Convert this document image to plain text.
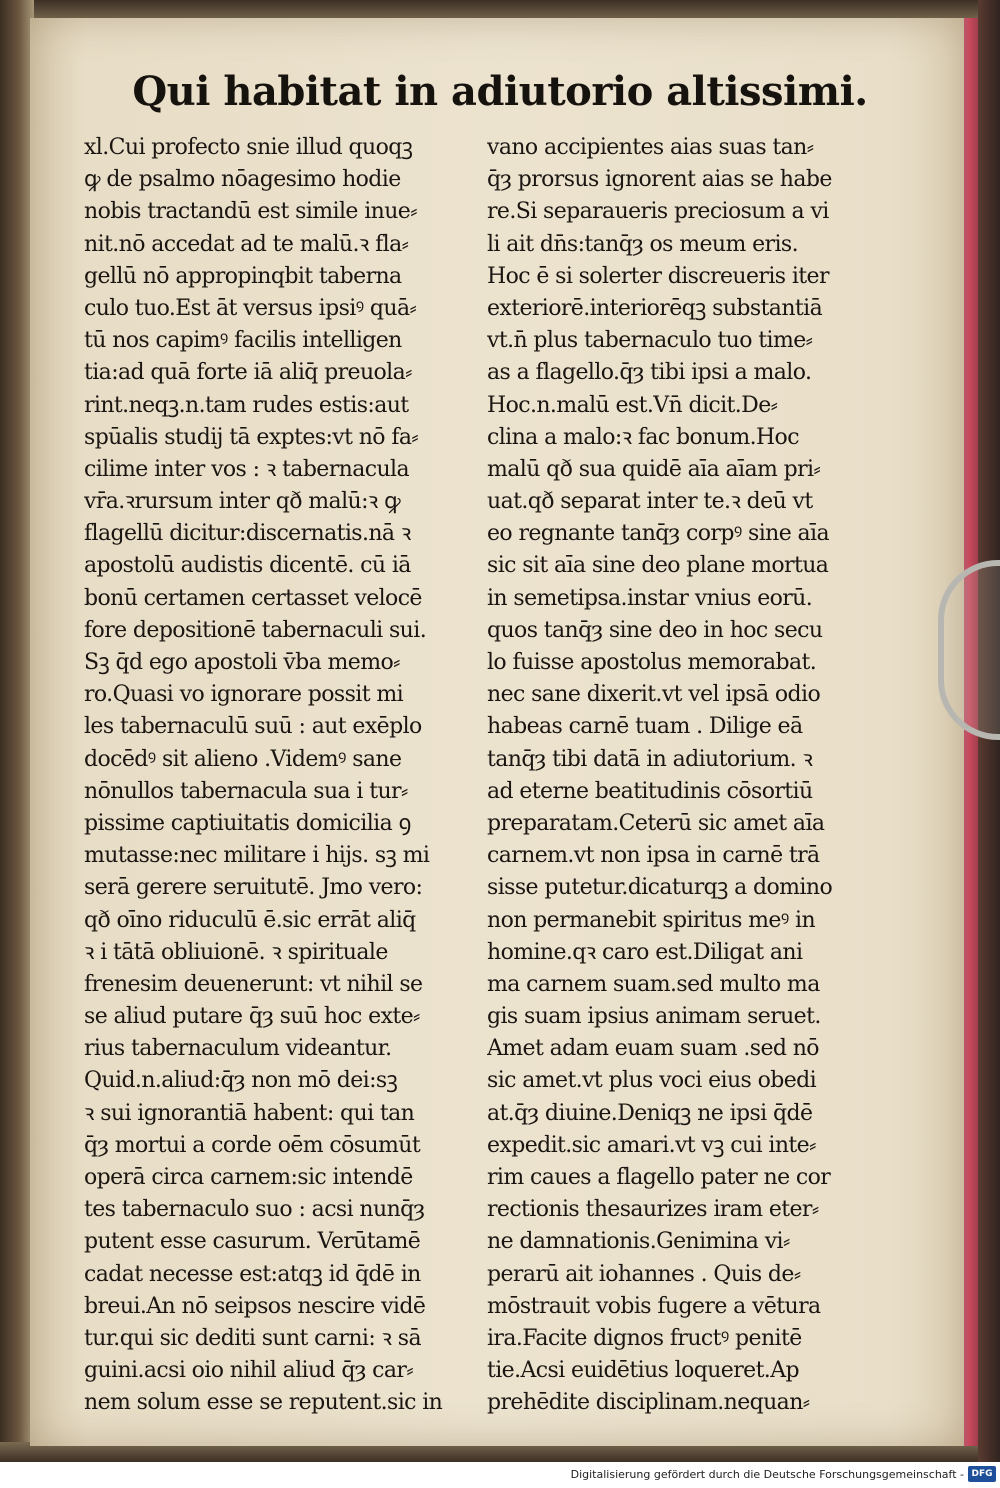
Qui habitat in adiutorio altissimi.
xl.Cui profecto snie illud quoqꝫ
ꝙ de psalmo nōagesimo hodie
nobis tractandū est simile inue⸗
nit.nō accedat ad te malū.ꝛ fla⸗
gellū nō appropinqbit taberna
culo tuo.Est āt versus ipsiꝰ quā⸗
tū nos capimꝰ facilis intelligen
tia:ad quā forte iā aliq̄ preuola⸗
rint.neqꝫ.n.tam rudes estis:aut
spūalis studij tā exptes:vt nō fa⸗
cilime inter vos : ꝛ tabernacula
vr̄a.ꝛrursum inter qð malū:ꝛ ꝙ
flagellū dicitur:discernatis.nā ꝛ
apostolū audistis dicentē. cū iā
bonū certamen certasset velocē
fore depositionē tabernaculi sui.
Sꝫ q̄d ego apostoli v̄ba memo⸗
ro.Quasi vo ignorare possit mi
les tabernaculū suū : aut exēplo
docēdꝰ sit alieno .Videmꝰ sane
nōnullos tabernacula sua i tur⸗
pissime captiuitatis domicilia ꝯ
mutasse:nec militare i hijs. sꝫ mi
serā gerere seruitutē. Jmo vero:
qð oīno riduculū ē.sic errāt aliq̄
ꝛ i tātā obliuionē. ꝛ spirituale
frenesim deuenerunt: vt nihil se
se aliud putare q̄ȝ suū hoc exte⸗
rius tabernaculum videantur.
Quid.n.aliud:q̄ȝ non mō dei:sꝫ
ꝛ sui ignorantiā habent: qui tan
q̄ȝ mortui a corde oēm cōsumūt
operā circa carnem:sic intendē
tes tabernaculo suo : acsi nunq̄ȝ
putent esse casurum. Verūtamē
cadat necesse est:atqꝫ id q̄dē in
breui.An nō seipsos nescire vidē
tur.qui sic dediti sunt carni: ꝛ sā
guini.acsi oio nihil aliud q̄ȝ car⸗
nem solum esse se reputent.sic in
vano accipientes aias suas tan⸗
q̄ȝ prorsus ignorent aias se habe
re.Si separaueris preciosum a vi
li ait dn̄s:tanq̄ȝ os meum eris.
Hoc ē si solerter discreueris iter
exteriorē.interiorēqꝫ substantiā
vt.n̄ plus tabernaculo tuo time⸗
as a flagello.q̄ȝ tibi ipsi a malo.
Hoc.n.malū est.Vn̄ dicit.De⸗
clina a malo:ꝛ fac bonum.Hoc
malū qð sua quidē aīa aīam pri⸗
uat.qð separat inter te.ꝛ deū vt
eo regnante tanq̄ȝ corpꝰ sine aīa
sic sit aīa sine deo plane mortua
in semetipsa.instar vnius eorū.
quos tanq̄ȝ sine deo in hoc secu
lo fuisse apostolus memorabat.
nec sane dixerit.vt vel ipsā odio
habeas carnē tuam . Dilige eā
tanq̄ȝ tibi datā in adiutorium. ꝛ
ad eterne beatitudinis cōsortiū
preparatam.Ceterū sic amet aīa
carnem.vt non ipsa in carnē trā
sisse putetur.dicaturqꝫ a domino
non permanebit spiritus meꝰ in
homine.qꝛ caro est.Diligat ani
ma carnem suam.sed multo ma
gis suam ipsius animam seruet.
Amet adam euam suam .sed nō
sic amet.vt plus voci eius obedi
at.q̄ȝ diuine.Deniqꝫ ne ipsi q̄dē
expedit.sic amari.vt vꝫ cui inte⸗
rim caues a flagello pater ne cor
rectionis thesaurizes iram eter⸗
ne damnationis.Genimina vi⸗
perarū ait iohannes . Quis de⸗
mōstrauit vobis fugere a vētura
ira.Facite dignos fructꝰ penitē
tie.Acsi euidētius loqueret.Ap
prehēdite disciplinam.nequan⸗
Digitalisierung gefördert durch die Deutsche Forschungsgemeinschaft - DFG
